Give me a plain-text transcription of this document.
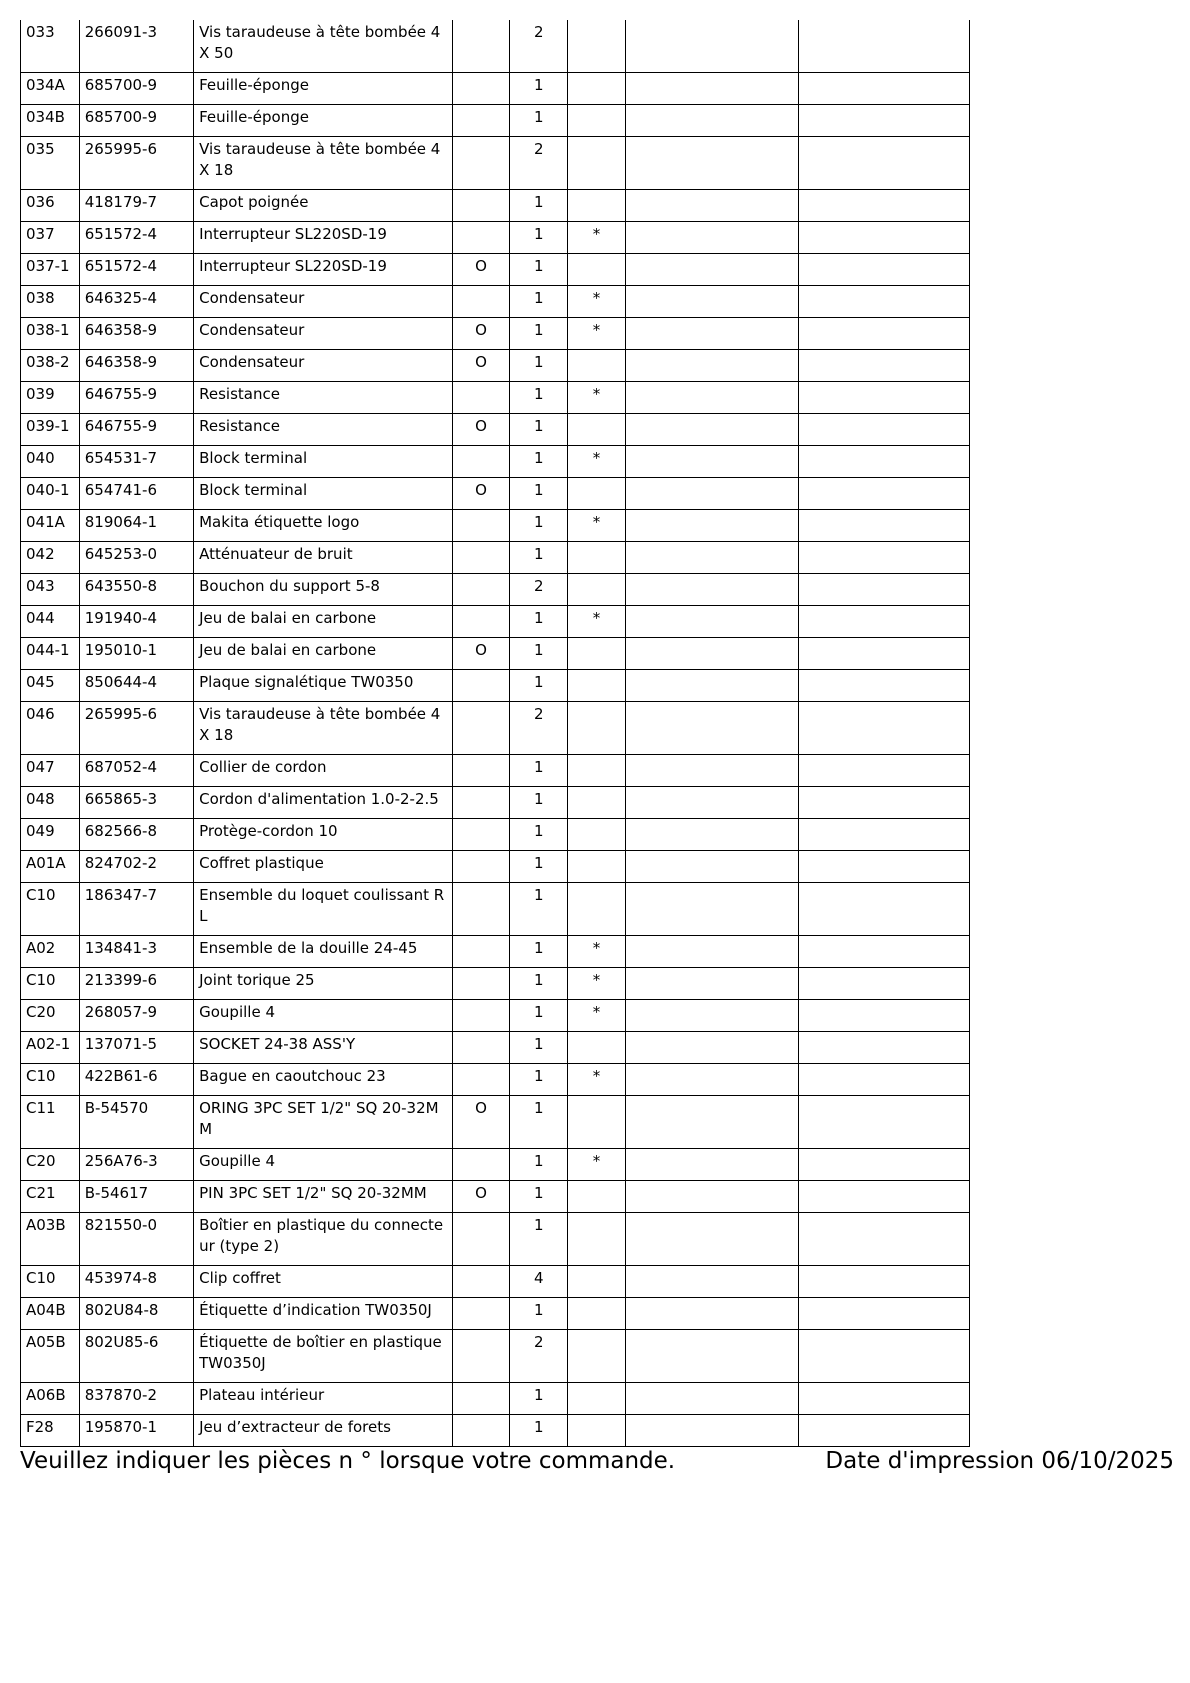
033	266091-3	Vis taraudeuse à tête bombée 4X 50		2			
034A	685700-9	Feuille-éponge		1			
034B	685700-9	Feuille-éponge		1			
035	265995-6	Vis taraudeuse à tête bombée 4X 18		2			
036	418179-7	Capot poignée		1			
037	651572-4	Interrupteur SL220SD-19		1	*		
037-1	651572-4	Interrupteur SL220SD-19	O	1			
038	646325-4	Condensateur		1	*		
038-1	646358-9	Condensateur	O	1	*		
038-2	646358-9	Condensateur	O	1			
039	646755-9	Resistance		1	*		
039-1	646755-9	Resistance	O	1			
040	654531-7	Block terminal		1	*		
040-1	654741-6	Block terminal	O	1			
041A	819064-1	Makita étiquette logo		1	*		
042	645253-0	Atténuateur de bruit		1			
043	643550-8	Bouchon du support 5-8		2			
044	191940-4	Jeu de balai en carbone		1	*		
044-1	195010-1	Jeu de balai en carbone	O	1			
045	850644-4	Plaque signalétique TW0350		1			
046	265995-6	Vis taraudeuse à tête bombée 4X 18		2			
047	687052-4	Collier de cordon		1			
048	665865-3	Cordon d'alimentation 1.0-2-2.5		1			
049	682566-8	Protège-cordon 10		1			
A01A	824702-2	Coffret plastique		1			
C10	186347-7	Ensemble du loquet coulissant R L		1			
A02	134841-3	Ensemble de la douille 24-45		1	*		
C10	213399-6	Joint torique 25		1	*		
C20	268057-9	Goupille 4		1	*		
A02-1	137071-5	SOCKET 24-38 ASS'Y		1			
C10	422B61-6	Bague en caoutchouc 23		1	*		
C11	B-54570	ORING 3PC SET 1/2" SQ 20-32M M	O	1			
C20	256A76-3	Goupille 4		1	*		
C21	B-54617	PIN 3PC SET 1/2" SQ 20-32MM	O	1			
A03B	821550-0	Boîtier en plastique du connecte ur (type 2)		1			
C10	453974-8	Clip coffret		4			
A04B	802U84-8	Étiquette d’indication TW0350J		1			
A05B	802U85-6	Étiquette de boîtier en plastique TW0350J		2			
A06B	837870-2	Plateau intérieur		1			
F28	195870-1	Jeu d’extracteur de forets		1			
Veuillez indiquer les pièces n ° lorsque votre commande.	Date d'impression 06/10/2025
